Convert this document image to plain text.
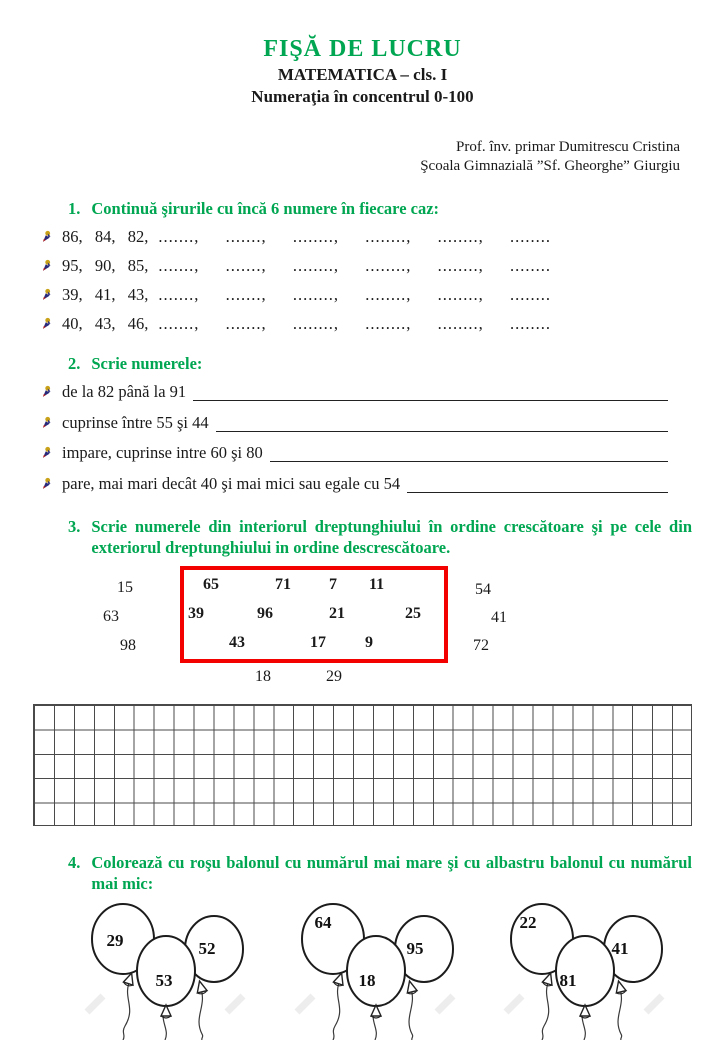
FIŞĂ DE LUCRU
MATEMATICA – cls. I
Numeraţia în concentrul 0-100
Prof. înv. primar Dumitrescu Cristina
Şcoala Gimnazială ”Sf. Gheorghe” Giurgiu
1. Continuă şirurile cu încă 6 numere în fiecare caz:
86,  84,  82, .......,  .......,  ........,  ........,  ........,  ........
95,  90,  85, .......,  .......,  ........,  ........,  ........,  ........
39,  41,  43, .......,  .......,  ........,  ........,  ........,  ........
40,  43,  46, .......,  .......,  ........,  ........,  ........,  ........
2. Scrie numerele:
de la 82 până la 91
cuprinse între 55 şi 44
impare, cuprinse intre 60 şi 80
pare, mai mari decât 40 şi mai mici sau egale cu 54
3. Scrie numerele din interiorul dreptunghiului în ordine crescătoare şi pe cele din exteriorul dreptunghiului in ordine descrescătoare.
65	71 7 11
39	96	21	25
43	17 9
15
63
98
54
41
72
18	29
4. Colorează cu roşu balonul cu numărul mai mare şi cu albastru balonul cu numărul mai mic:
29	52
53
64
95
18
22
41
81
